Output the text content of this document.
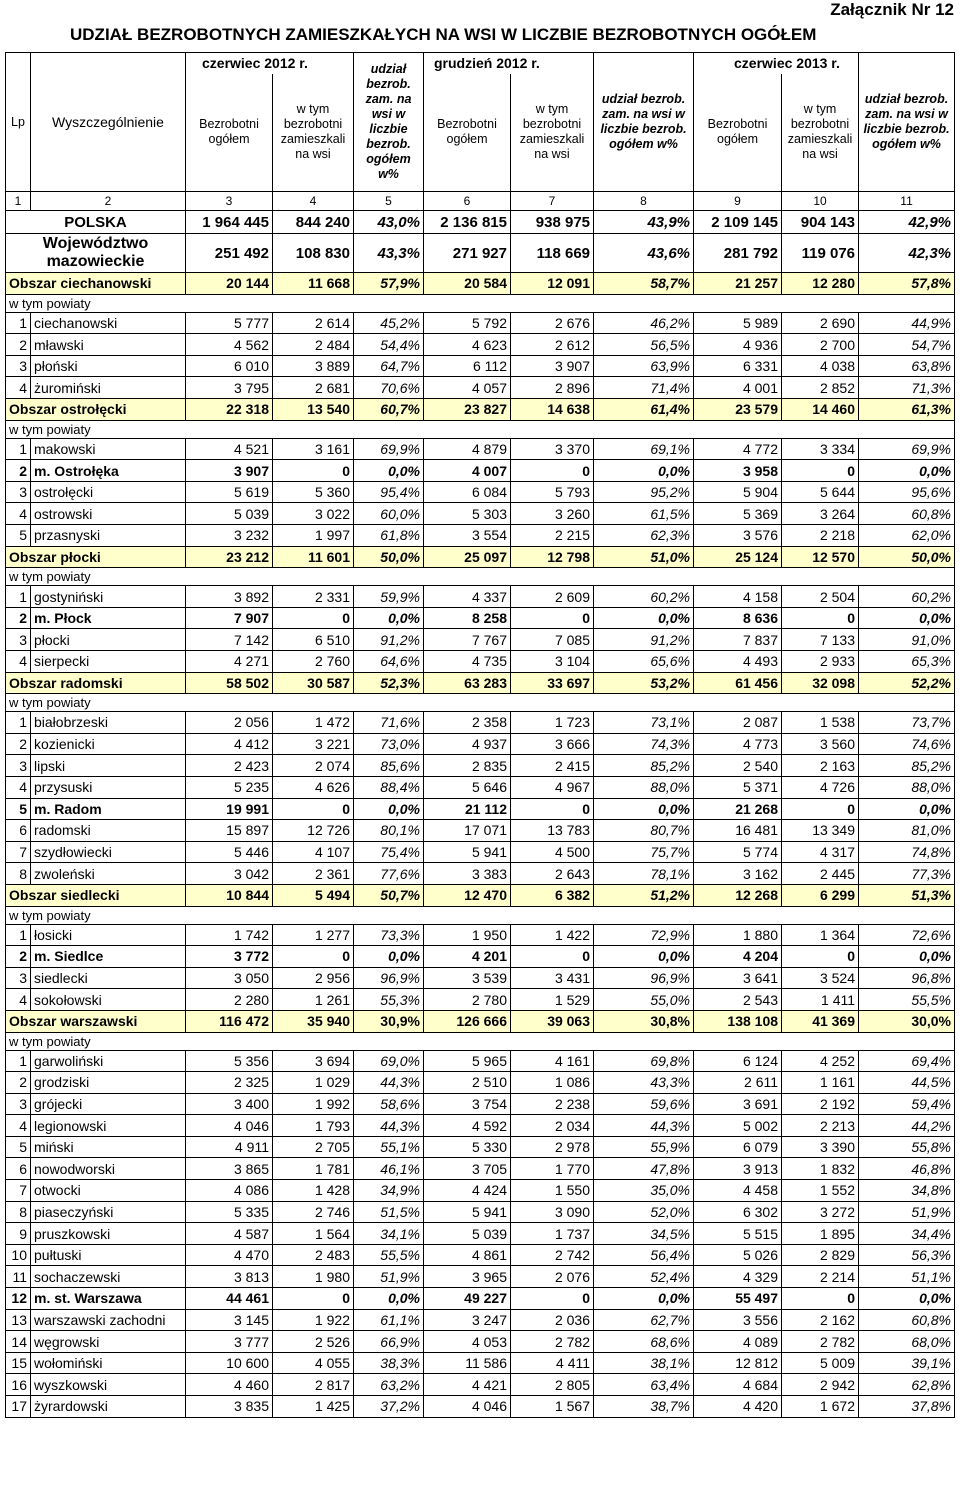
Załącznik Nr 12
UDZIAŁ BEZROBOTNYCH ZAMIESZKAŁYCH NA WSI W LICZBIE BEZROBOTNYCH OGÓŁEM
Lp	Wyszczególnienie	czerwiec 2012 r.		udział bezrob. zam. na wsi w liczbie bezrob. ogółem w%	grudzień 2012 r.		udział bezrob. zam. na wsi w liczbie bezrob. ogółem w%	czerwiec 2013 r.		udział bezrob. zam. na wsi w liczbie bezrob. ogółem w%
		Bezrobotni ogółem	w tym bezrobotni zamieszkali na wsi		Bezrobotni ogółem	w tym bezrobotni zamieszkali na wsi		Bezrobotni ogółem	w tym bezrobotni zamieszkali na wsi	
1	2	3	4	5	6	7	8	9	10	11
POLSKA		1 964 445	844 240	43,0%	2 136 815	938 975	43,9%	2 109 145	904 143	42,9%
Województwo mazowieckie		251 492	108 830	43,3%	271 927	118 669	43,6%	281 792	119 076	42,3%
Obszar ciechanowski		20 144	11 668	57,9%	20 584	12 091	58,7%	21 257	12 280	57,8%
w tym powiaty										
1	ciechanowski	5 777	2 614	45,2%	5 792	2 676	46,2%	5 989	2 690	44,9%
2	mławski	4 562	2 484	54,4%	4 623	2 612	56,5%	4 936	2 700	54,7%
3	płoński	6 010	3 889	64,7%	6 112	3 907	63,9%	6 331	4 038	63,8%
4	żuromiński	3 795	2 681	70,6%	4 057	2 896	71,4%	4 001	2 852	71,3%
Obszar ostrołęcki		22 318	13 540	60,7%	23 827	14 638	61,4%	23 579	14 460	61,3%
w tym powiaty										
1	makowski	4 521	3 161	69,9%	4 879	3 370	69,1%	4 772	3 334	69,9%
2	m. Ostrołęka	3 907	0	0,0%	4 007	0	0,0%	3 958	0	0,0%
3	ostrołęcki	5 619	5 360	95,4%	6 084	5 793	95,2%	5 904	5 644	95,6%
4	ostrowski	5 039	3 022	60,0%	5 303	3 260	61,5%	5 369	3 264	60,8%
5	przasnyski	3 232	1 997	61,8%	3 554	2 215	62,3%	3 576	2 218	62,0%
Obszar płocki		23 212	11 601	50,0%	25 097	12 798	51,0%	25 124	12 570	50,0%
w tym powiaty										
1	gostyniński	3 892	2 331	59,9%	4 337	2 609	60,2%	4 158	2 504	60,2%
2	m. Płock	7 907	0	0,0%	8 258	0	0,0%	8 636	0	0,0%
3	płocki	7 142	6 510	91,2%	7 767	7 085	91,2%	7 837	7 133	91,0%
4	sierpecki	4 271	2 760	64,6%	4 735	3 104	65,6%	4 493	2 933	65,3%
Obszar radomski		58 502	30 587	52,3%	63 283	33 697	53,2%	61 456	32 098	52,2%
w tym powiaty										
1	białobrzeski	2 056	1 472	71,6%	2 358	1 723	73,1%	2 087	1 538	73,7%
2	kozienicki	4 412	3 221	73,0%	4 937	3 666	74,3%	4 773	3 560	74,6%
3	lipski	2 423	2 074	85,6%	2 835	2 415	85,2%	2 540	2 163	85,2%
4	przysuski	5 235	4 626	88,4%	5 646	4 967	88,0%	5 371	4 726	88,0%
5	m. Radom	19 991	0	0,0%	21 112	0	0,0%	21 268	0	0,0%
6	radomski	15 897	12 726	80,1%	17 071	13 783	80,7%	16 481	13 349	81,0%
7	szydłowiecki	5 446	4 107	75,4%	5 941	4 500	75,7%	5 774	4 317	74,8%
8	zwoleński	3 042	2 361	77,6%	3 383	2 643	78,1%	3 162	2 445	77,3%
Obszar siedlecki		10 844	5 494	50,7%	12 470	6 382	51,2%	12 268	6 299	51,3%
w tym powiaty										
1	łosicki	1 742	1 277	73,3%	1 950	1 422	72,9%	1 880	1 364	72,6%
2	m. Siedlce	3 772	0	0,0%	4 201	0	0,0%	4 204	0	0,0%
3	siedlecki	3 050	2 956	96,9%	3 539	3 431	96,9%	3 641	3 524	96,8%
4	sokołowski	2 280	1 261	55,3%	2 780	1 529	55,0%	2 543	1 411	55,5%
Obszar warszawski		116 472	35 940	30,9%	126 666	39 063	30,8%	138 108	41 369	30,0%
w tym powiaty										
1	garwoliński	5 356	3 694	69,0%	5 965	4 161	69,8%	6 124	4 252	69,4%
2	grodziski	2 325	1 029	44,3%	2 510	1 086	43,3%	2 611	1 161	44,5%
3	grójecki	3 400	1 992	58,6%	3 754	2 238	59,6%	3 691	2 192	59,4%
4	legionowski	4 046	1 793	44,3%	4 592	2 034	44,3%	5 002	2 213	44,2%
5	miński	4 911	2 705	55,1%	5 330	2 978	55,9%	6 079	3 390	55,8%
6	nowodworski	3 865	1 781	46,1%	3 705	1 770	47,8%	3 913	1 832	46,8%
7	otwocki	4 086	1 428	34,9%	4 424	1 550	35,0%	4 458	1 552	34,8%
8	piaseczyński	5 335	2 746	51,5%	5 941	3 090	52,0%	6 302	3 272	51,9%
9	pruszkowski	4 587	1 564	34,1%	5 039	1 737	34,5%	5 515	1 895	34,4%
10	pułtuski	4 470	2 483	55,5%	4 861	2 742	56,4%	5 026	2 829	56,3%
11	sochaczewski	3 813	1 980	51,9%	3 965	2 076	52,4%	4 329	2 214	51,1%
12	m. st. Warszawa	44 461	0	0,0%	49 227	0	0,0%	55 497	0	0,0%
13	warszawski zachodni	3 145	1 922	61,1%	3 247	2 036	62,7%	3 556	2 162	60,8%
14	węgrowski	3 777	2 526	66,9%	4 053	2 782	68,6%	4 089	2 782	68,0%
15	wołomiński	10 600	4 055	38,3%	11 586	4 411	38,1%	12 812	5 009	39,1%
16	wyszkowski	4 460	2 817	63,2%	4 421	2 805	63,4%	4 684	2 942	62,8%
17	żyrardowski	3 835	1 425	37,2%	4 046	1 567	38,7%	4 420	1 672	37,8%
